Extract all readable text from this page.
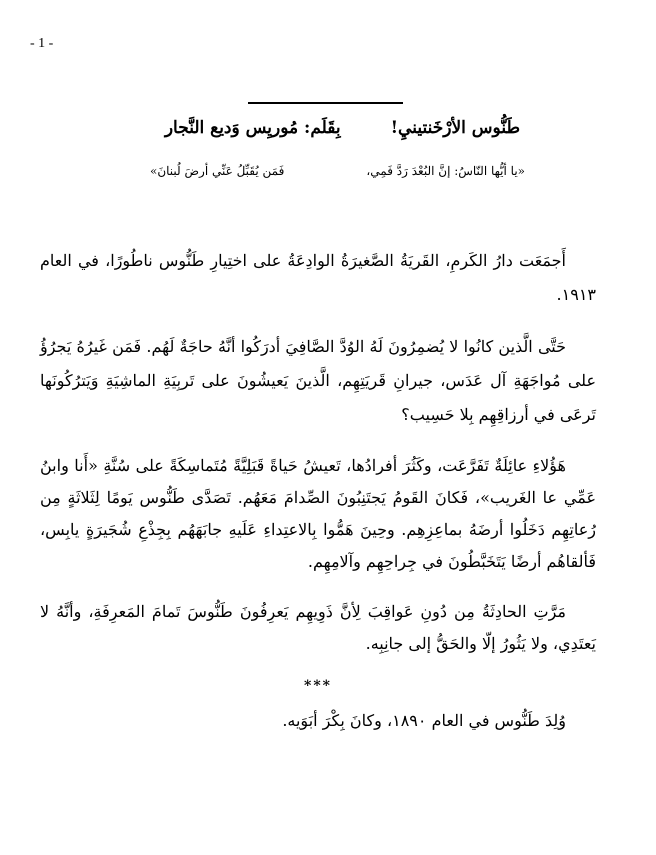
- 1 -
طَنُّوس الأرْخَنتينيِ!
بِقَلَم: مُوريِس وَديع النَّجار
«يا أيُّها النّاسُ: إنَّ البُعْدَ رَدَّ فَمِي،
فَمَن يُقَبِّلُ عَنِّي أرضَ لُبنانَ»

أَجمَعَت دارُ الكَرمِ، القَريَةُ الصَّغيرَةُ الوادِعَةُ على اختِيارِ طَنُّوس ناطُورًا، في العام ١٩١٣.

حَتَّى الَّذين كانُوا لا يُضمِرُونَ لَهُ الوُدَّ الصَّافِيَ أدرَكُوا أنَّهُ حاجَةٌ لَهُم. فَمَن غَيرُهُ يَجرُؤُ على مُواجَهَةِ آل عَدَس، جيرانِ قَريَتِهِم، الَّذينَ يَعيشُونَ على تَربِيَةِ الماشِيَةِ وَيَترُكُونَها تَرعَى في أرزاقِهِم بِلا حَسِيب؟

هَؤُلاءِ عائِلَةٌ تَفَرَّعَت، وكَثُرَ أفرادُها، تَعيشُ حَياةً قَبَلِيَّةً مُتَماسِكَةً على سُنَّةِ «أَنا وابنُ عَمِّي عا الغَريب»، فَكانَ القَومُ يَجتَنِبُونَ الصِّدامَ مَعَهُم. تَصَدَّى طَنُّوس يَومًا لِثَلاثَةٍ مِن رُعاتِهِم دَخَلُوا أرضَهُ بماعِزِهِم. وحِينَ هَمُّوا بِالاعتِداءِ عَلَيهِ جابَهَهُم بِجِذْعِ شُجَيرَةٍ يابِس، فَألقاهُم أرضًا يَتَخَبَّطُونَ في جِراحِهِم وآلامِهِم.

مَرَّتِ الحادِثَةُ مِن دُونِ عَواقِبَ لِأنَّ ذَوِيهِم يَعرِفُونَ طَنُّوسَ تَمامَ المَعرِفَةِ، وأنَّهُ لا يَعتَدِي، ولا يَثُورُ إلّا والحَقُّ إلى جانِبِه.

***

وُلِدَ طَنُّوس في العام ١٨٩٠، وكانَ بِكْرَ أبَوَيه.
